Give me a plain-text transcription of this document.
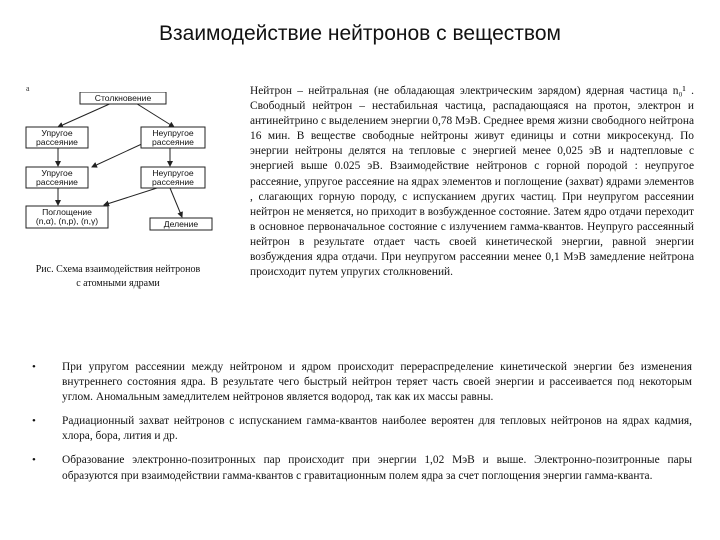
Взаимодействие нейтронов с веществом
a
Столкновение
Упругое
рассеяние
Неупругое
рассеяние
Упругое
рассеяние
Неупругое
рассеяние
Поглощение
(n,α), (n,p), (n,γ)	Деление
Рис. Схема взаимодействия нейтронов
с атомными ядрами

Нейтрон – нейтральная (не обладающая электрическим зарядом) ядерная частица n₀¹ . Свободный нейтрон – нестабильная частица, распадающаяся на протон, электрон и антинейтрино с выделением энергии 0,78 МэВ. Среднее время жизни свободного нейтрона 16 мин. В веществе свободные нейтроны живут единицы и сотни микросекунд. По энергии нейтроны делятся на тепловые с энергией менее 0,025 эВ и надтепловые с энергией выше 0.025 эВ. Взаимодействие нейтронов с горной породой : неупругое рассеяние, упругое рассеяние на ядрах элементов и поглощение (захват) ядрами элементов , слагающих горную породу, с испусканием других частиц. При неупругом рассеянии нейтрон не меняется, но приходит в возбужденное состояние. Затем ядро отдачи переходит в основное первоначальное состояние с излучением гамма-квантов. Неупруго рассеянный нейтрон в результате отдает часть своей кинетической энергии, равной энергии возбуждения ядра отдачи. При неупругом рассеянии менее 0,1 МэВ замедление нейтрона происходит путем упругих столкновений.

• При упругом рассеянии между нейтроном и ядром происходит перераспределение кинетической энергии без изменения внутреннего состояния ядра. В результате чего быстрый нейтрон теряет часть своей энергии и рассеивается под некоторым углом. Аномальным замедлителем нейтронов является водород, так как их массы равны.
• Радиационный захват нейтронов с испусканием гамма-квантов наиболее вероятен для тепловых нейтронов на ядрах кадмия, хлора, бора, лития и др.
• Образование электронно-позитронных пар происходит при энергии 1,02 МэВ и выше. Электронно-позитронные пары образуются при взаимодействии гамма-квантов с гравитационным полем ядра за счет поглощения энергии гамма-кванта.
